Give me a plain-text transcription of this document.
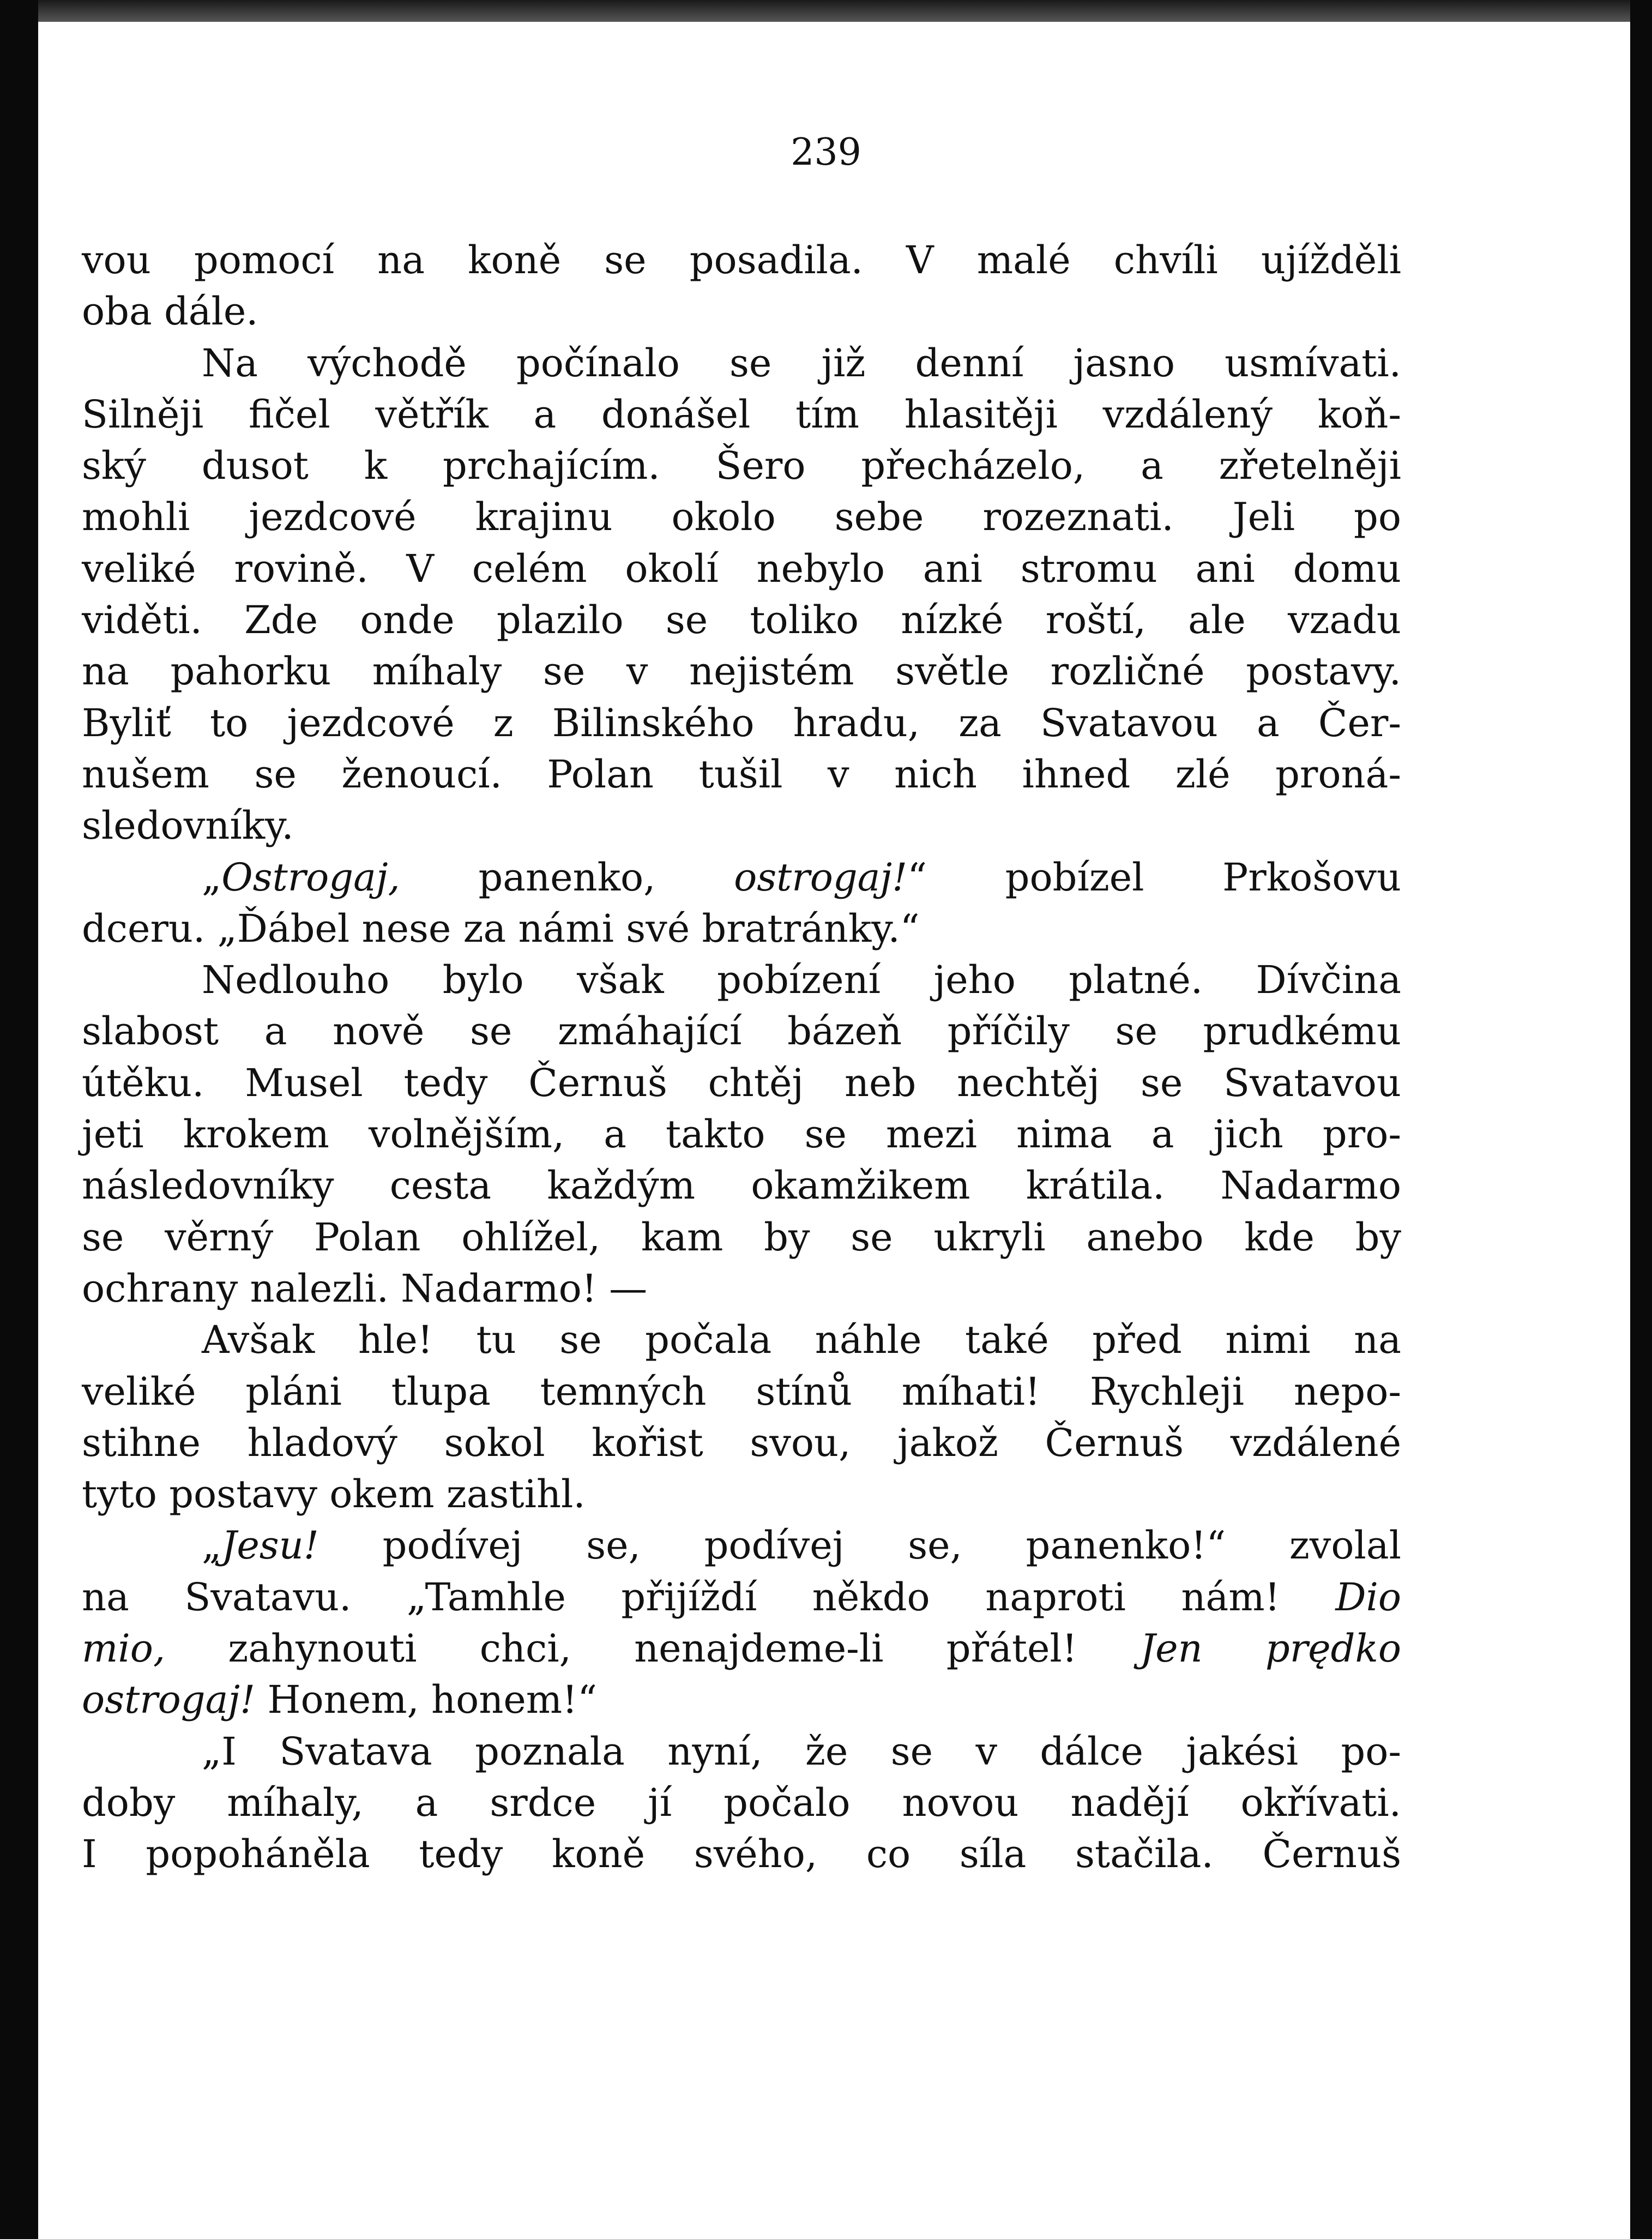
239
vou pomocí na koně se posadila. V malé chvíli ujížděli
oba dále.
Na východě počínalo se již denní jasno usmívati.
Silněji fičel větřík a donášel tím hlasitěji vzdálený koň-
ský dusot k prchajícím. Šero přecházelo, a zřetelněji
mohli jezdcové krajinu okolo sebe rozeznati. Jeli po
veliké rovině. V celém okolí nebylo ani stromu ani domu
viděti. Zde onde plazilo se toliko nízké roští, ale vzadu
na pahorku míhaly se v nejistém světle rozličné postavy.
Byliť to jezdcové z Bilinského hradu, za Svatavou a Čer-
nušem se ženoucí. Polan tušil v nich ihned zlé proná-
sledovníky.
„Ostrogaj, panenko, ostrogaj!“ pobízel Prkošovu
dceru. „Ďábel nese za námi své bratránky.“
Nedlouho bylo však pobízení jeho platné. Dívčina
slabost a nově se zmáhající bázeň příčily se prudkému
útěku. Musel tedy Černuš chtěj neb nechtěj se Svatavou
jeti krokem volnějším, a takto se mezi nima a jich pro-
následovníky cesta každým okamžikem krátila. Nadarmo
se věrný Polan ohlížel, kam by se ukryli anebo kde by
ochrany nalezli. Nadarmo! —
Avšak hle! tu se počala náhle také před nimi na
veliké pláni tlupa temných stínů míhati! Rychleji nepo-
stihne hladový sokol kořist svou, jakož Černuš vzdálené
tyto postavy okem zastihl.
„Jesu! podívej se, podívej se, panenko!“ zvolal
na Svatavu. „Tamhle přijíždí někdo naproti nám! Dio
mio, zahynouti chci, nenajdeme-li přátel! Jen prędko
ostrogaj! Honem, honem!“
„I Svatava poznala nyní, že se v dálce jakési po-
doby míhaly, a srdce jí počalo novou nadějí okřívati.
I popoháněla tedy koně svého, co síla stačila. Černuš
